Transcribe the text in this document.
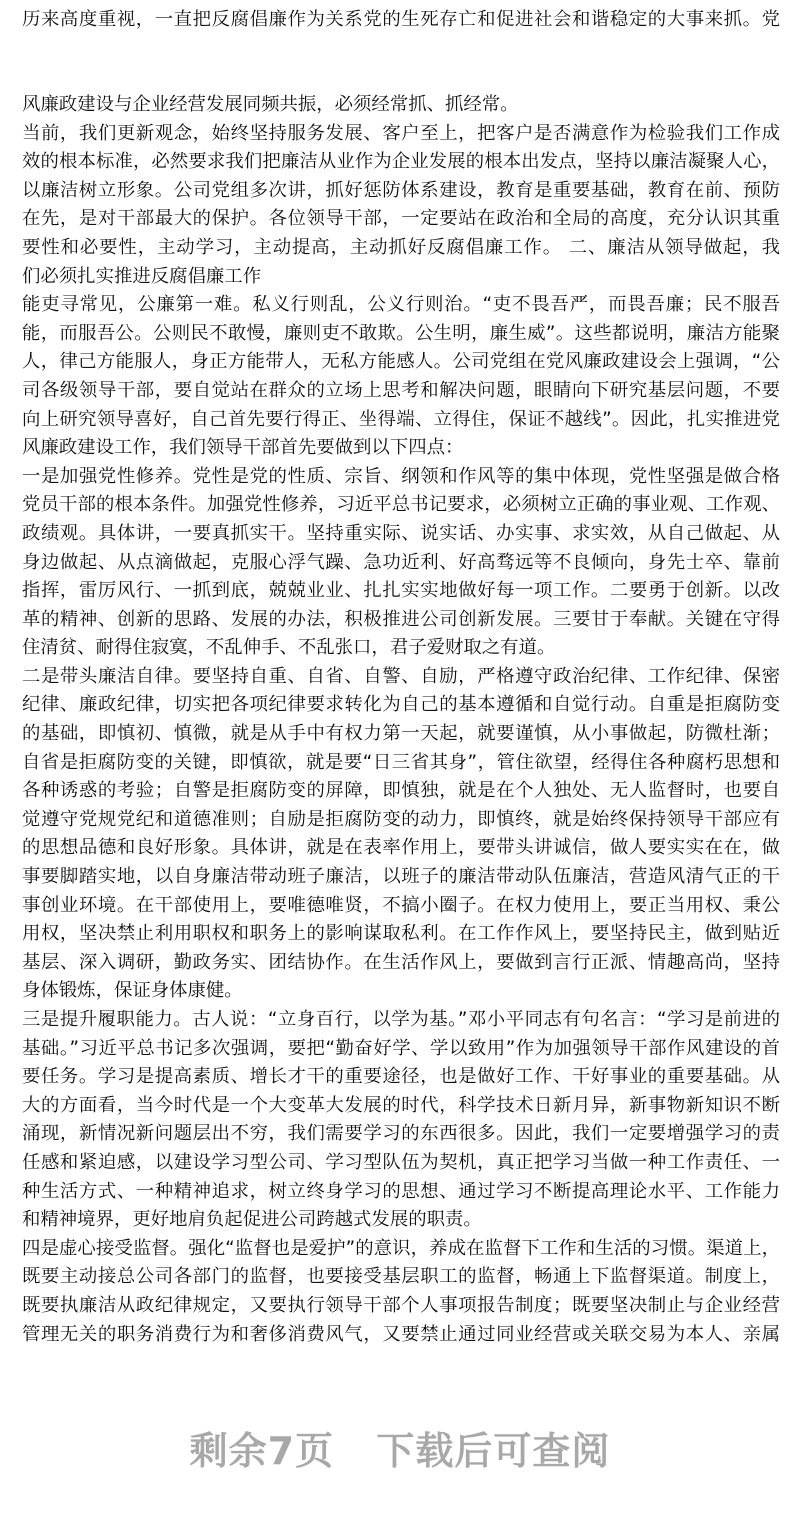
历来高度重视，一直把反腐倡廉作为关系党的生死存亡和促进社会和谐稳定的大事来抓。党
风廉政建设与企业经营发展同频共振，必须经常抓、抓经常。
当前，我们更新观念，始终坚持服务发展、客户至上，把客户是否满意作为检验我们工作成
效的根本标准，必然要求我们把廉洁从业作为企业发展的根本出发点，坚持以廉洁凝聚人心，
以廉洁树立形象。公司党组多次讲，抓好惩防体系建设，教育是重要基础，教育在前、预防
在先，是对干部最大的保护。各位领导干部，一定要站在政治和全局的高度，充分认识其重
要性和必要性，主动学习，主动提高，主动抓好反腐倡廉工作。 二、廉洁从领导做起，我
们必须扎实推进反腐倡廉工作
能吏寻常见，公廉第一难。私义行则乱，公义行则治。“吏不畏吾严，而畏吾廉；民不服吾
能，而服吾公。公则民不敢慢，廉则吏不敢欺。公生明，廉生威”。这些都说明，廉洁方能聚
人，律己方能服人，身正方能带人，无私方能感人。公司党组在党风廉政建设会上强调，“公
司各级领导干部，要自觉站在群众的立场上思考和解决问题，眼睛向下研究基层问题，不要
向上研究领导喜好，自己首先要行得正、坐得端、立得住，保证不越线”。因此，扎实推进党
风廉政建设工作，我们领导干部首先要做到以下四点：
一是加强党性修养。党性是党的性质、宗旨、纲领和作风等的集中体现，党性坚强是做合格
党员干部的根本条件。加强党性修养，习近平总书记要求，必须树立正确的事业观、工作观、
政绩观。具体讲，一要真抓实干。坚持重实际、说实话、办实事、求实效，从自己做起、从
身边做起、从点滴做起，克服心浮气躁、急功近利、好高骛远等不良倾向，身先士卒、靠前
指挥，雷厉风行、一抓到底，兢兢业业、扎扎实实地做好每一项工作。二要勇于创新。以改
革的精神、创新的思路、发展的办法，积极推进公司创新发展。三要甘于奉献。关键在守得
住清贫、耐得住寂寞，不乱伸手、不乱张口，君子爱财取之有道。
二是带头廉洁自律。要坚持自重、自省、自警、自励，严格遵守政治纪律、工作纪律、保密
纪律、廉政纪律，切实把各项纪律要求转化为自己的基本遵循和自觉行动。自重是拒腐防变
的基础，即慎初、慎微，就是从手中有权力第一天起，就要谨慎，从小事做起，防微杜渐；
自省是拒腐防变的关键，即慎欲，就是要“日三省其身”，管住欲望，经得住各种腐朽思想和
各种诱惑的考验；自警是拒腐防变的屏障，即慎独，就是在个人独处、无人监督时，也要自
觉遵守党规党纪和道德准则；自励是拒腐防变的动力，即慎终，就是始终保持领导干部应有
的思想品德和良好形象。具体讲，就是在表率作用上，要带头讲诚信，做人要实实在在，做
事要脚踏实地，以自身廉洁带动班子廉洁，以班子的廉洁带动队伍廉洁，营造风清气正的干
事创业环境。在干部使用上，要唯德唯贤，不搞小圈子。在权力使用上，要正当用权、秉公
用权，坚决禁止利用职权和职务上的影响谋取私利。在工作作风上，要坚持民主，做到贴近
基层、深入调研，勤政务实、团结协作。在生活作风上，要做到言行正派、情趣高尚，坚持
身体锻炼，保证身体康健。
三是提升履职能力。古人说：“立身百行，以学为基。”邓小平同志有句名言：“学习是前进的
基础。”习近平总书记多次强调，要把“勤奋好学、学以致用”作为加强领导干部作风建设的首
要任务。学习是提高素质、增长才干的重要途径，也是做好工作、干好事业的重要基础。从
大的方面看，当今时代是一个大变革大发展的时代，科学技术日新月异，新事物新知识不断
涌现，新情况新问题层出不穷，我们需要学习的东西很多。因此，我们一定要增强学习的责
任感和紧迫感，以建设学习型公司、学习型队伍为契机，真正把学习当做一种工作责任、一
种生活方式、一种精神追求，树立终身学习的思想、通过学习不断提高理论水平、工作能力
和精神境界，更好地肩负起促进公司跨越式发展的职责。
四是虚心接受监督。强化“监督也是爱护”的意识，养成在监督下工作和生活的习惯。渠道上，
既要主动接总公司各部门的监督，也要接受基层职工的监督，畅通上下监督渠道。制度上，
既要执廉洁从政纪律规定，又要执行领导干部个人事项报告制度；既要坚决制止与企业经营
管理无关的职务消费行为和奢侈消费风气，又要禁止通过同业经营或关联交易为本人、亲属
剩余7页 下载后可查阅
